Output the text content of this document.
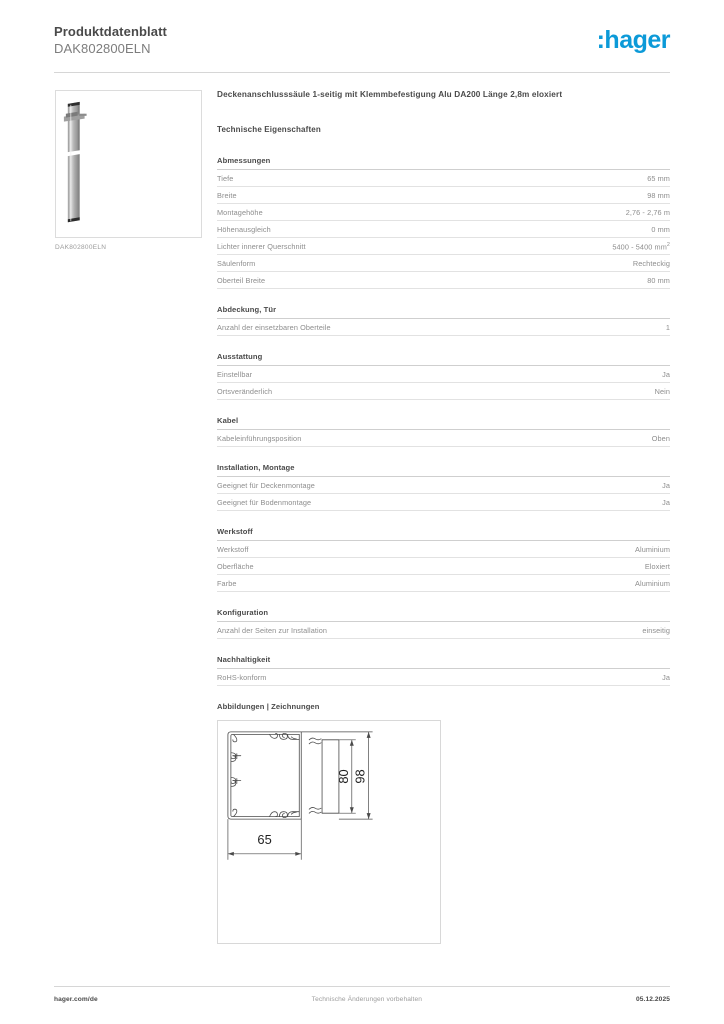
Produktdatenblatt
DAK802800ELN	:hager
DAK802800ELN
Deckenanschlusssäule 1-seitig mit Klemmbefestigung Alu DA200 Länge 2,8m eloxiert
Technische Eigenschaften
Abmessungen
Tiefe	65 mm
Breite	98 mm
Montagehöhe	2,76 - 2,76 m
Höhenausgleich	0 mm
Lichter innerer Querschnitt	5400 - 5400 $mm^2$
Säulenform	Rechteckig
Oberteil Breite	80 mm
Abdeckung, Tür
Anzahl der einsetzbaren Oberteile	1
Ausstattung
Einstellbar	Ja
Ortsveränderlich	Nein
Kabel
Kabeleinführungsposition	Oben
Installation, Montage
Geeignet für Deckenmontage	Ja
Geeignet für Bodenmontage	Ja
Werkstoff
Werkstoff	Aluminium
Oberfläche	Eloxiert
Farbe	Aluminium
Konfiguration
Anzahl der Seiten zur Installation	einseitig
Nachhaltigkeit
RoHS-konform	Ja
Abbildungen | Zeichnungen
65
80 98
hager.com/de	Technische Änderungen vorbehalten	05.12.2025
